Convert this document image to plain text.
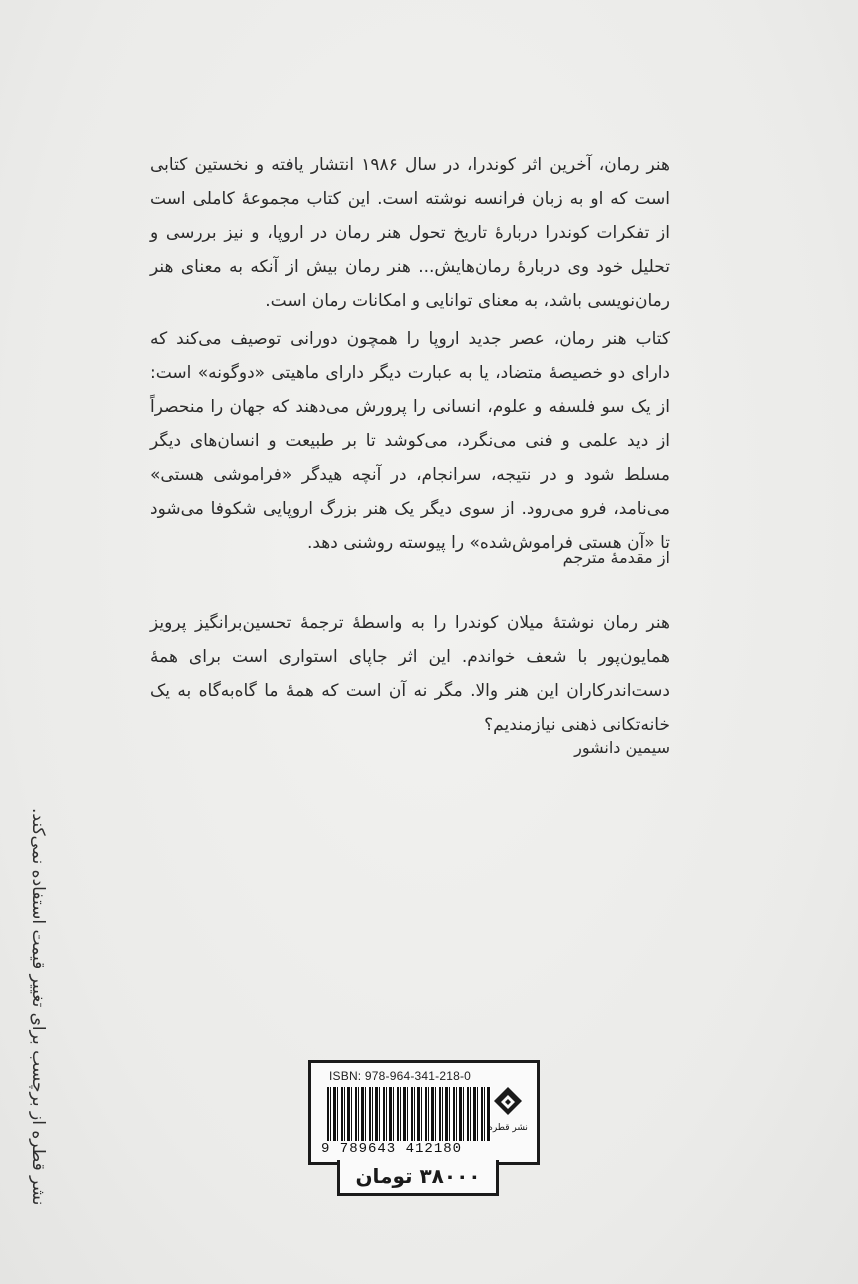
هنر رمان، آخرین اثر کوندرا، در سال ۱۹۸۶ انتشار یافته و نخستین کتابی است که او به زبان فرانسه نوشته است. این کتاب مجموعهٔ کاملی است از تفکرات کوندرا دربارهٔ تاریخ تحول هنر رمان در اروپا، و نیز بررسی و تحلیل خود وی دربارهٔ رمان‌هایش... هنر رمان بیش از آنکه به معنای هنر رمان‌نویسی باشد، به معنای توانایی و امکانات رمان است.

کتاب هنر رمان، عصر جدید اروپا را همچون دورانی توصیف می‌کند که دارای دو خصیصهٔ متضاد، یا به عبارت دیگر دارای ماهیتی «دوگونه» است: از یک سو فلسفه و علوم، انسانی را پرورش می‌دهند که جهان را منحصراً از دید علمی و فنی می‌نگرد، می‌کوشد تا بر طبیعت و انسان‌های دیگر مسلط شود و در نتیجه، سرانجام، در آنچه هیدگر «فراموشی هستی» می‌نامد، فرو می‌رود. از سوی دیگر یک هنر بزرگ اروپایی شکوفا می‌شود تا «آن هستی فراموش‌شده» را پیوسته روشنی دهد.

از مقدمهٔ مترجم

هنر رمان نوشتهٔ میلان کوندرا را به واسطهٔ ترجمهٔ تحسین‌برانگیز پرویز همایون‌پور با شعف خواندم. این اثر جاپای استواری است برای همهٔ دست‌اندرکاران این هنر والا. مگر نه آن است که همهٔ ما گاه‌به‌گاه به یک خانه‌تکانی ذهنی نیازمندیم؟

سیمین دانشور
نشر قطره از برچسب برای تغییر قیمت استفاده نمی‌کند.	ISBN: 978-964-341-218-0
9 789643 412180
نشر قطره
۳۸۰۰۰ تومان
